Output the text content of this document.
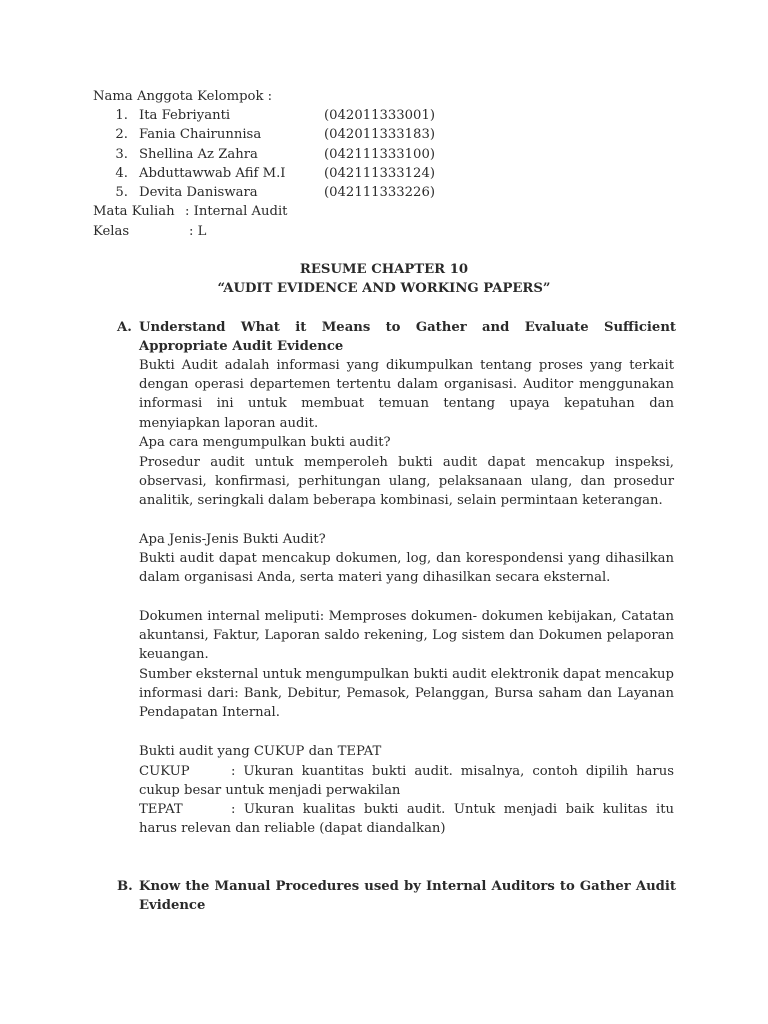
Nama Anggota Kelompok :
1. Ita Febriyanti	(042011333001)
2. Fania Chairunnisa	(042011333183)
3. Shellina Az Zahra	(042111333100)
4. Abduttawwab Afif M.I	(042111333124)
5. Devita Daniswara	(042111333226)
Mata Kuliah : Internal Audit
Kelas	: L
RESUME CHAPTER 10
“AUDIT EVIDENCE AND WORKING PAPERS”
A. Understand What it Means to Gather and Evaluate Sufficient Appropriate Audit Evidence
Bukti Audit adalah informasi yang dikumpulkan tentang proses yang terkait dengan operasi departemen tertentu dalam organisasi. Auditor menggunakan informasi ini untuk membuat temuan tentang upaya kepatuhan dan menyiapkan laporan audit.
Apa cara mengumpulkan bukti audit?
Prosedur audit untuk memperoleh bukti audit dapat mencakup inspeksi, observasi, konfirmasi, perhitungan ulang, pelaksanaan ulang, dan prosedur analitik, seringkali dalam beberapa kombinasi, selain permintaan keterangan.
Apa Jenis-Jenis Bukti Audit?
Bukti audit dapat mencakup dokumen, log, dan korespondensi yang dihasilkan dalam organisasi Anda, serta materi yang dihasilkan secara eksternal.
Dokumen internal meliputi: Memproses dokumen- dokumen kebijakan, Catatan akuntansi, Faktur, Laporan saldo rekening, Log sistem dan Dokumen pelaporan keuangan.
Sumber eksternal untuk mengumpulkan bukti audit elektronik dapat mencakup informasi dari: Bank, Debitur, Pemasok, Pelanggan, Bursa saham dan Layanan Pendapatan Internal.
Bukti audit yang CUKUP dan TEPAT
CUKUP	: Ukuran kuantitas bukti audit. misalnya, contoh dipilih harus cukup besar untuk menjadi perwakilan
TEPAT	: Ukuran kualitas bukti audit. Untuk menjadi baik kulitas itu harus relevan dan reliable (dapat diandalkan)
B. Know the Manual Procedures used by Internal Auditors to Gather Audit Evidence
